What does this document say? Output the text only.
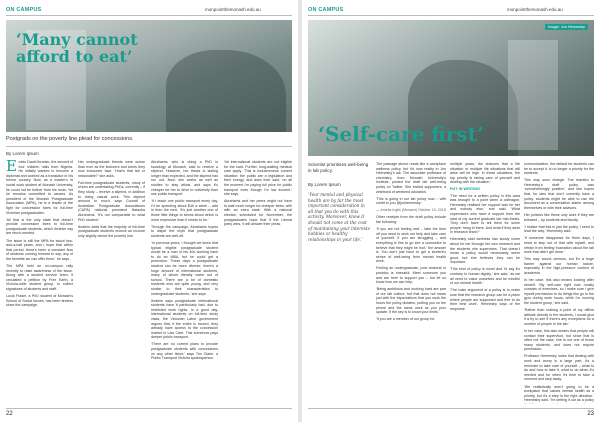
ON CAMPUS	monpointthemonash.edu.au
‘Many cannot afford to eat’
Postgrads on the poverty line plead for concessions.
By Lorem Ipsum
E mbio David Ibrahim, the second of four children hails from Nigeria. He initially wanted to become a diplomat and worked as a translator in his former country. Now, as a master's in social work student at Monash University, he could not be further from his roots. Yet he remains committed to causes. As president of the Monash Postgraduate Association (MPA), he is a leader of the fight for concession fares for full-time Victorian postgraduates.

‘All that is the only state that doesn't provide concession fares to full-time postgraduate students, which Ibrahim say are much-needed.

The issue is still the MPA for about two-and-a-half years, and I hope that within that period, there's been a constant flow of students coming forward to say, any of the benefits we can offer them,’ he says.

The MPA held an on-campus rally recently to raise awareness of the issue. Along with a student service team, it circulated a petition by Free Earth, a Victoria-wide student group, to collect signatures of students and staff.

Lucia Fraser, a PhD student at Monash's School of Social Issues, has been tireless since the campaign.

Her undergraduate friends were worse than ever as the lecturers and tutors they now encounter face. ‘How's that fair or reasonable?’ she asks.

Full-time postgraduate students, many of whom are undertaking PhDs, currently – if they study – receive a stipend, in addition to doing casual work. This stipend amount to much, says Council of Australian Postgraduate Associations (CAPA) national president Natasha Abrahams. ‘It's not comparable to what PhD student.’

Ibrahim adds that the majority of full-time postgraduate students receive an income only slightly above the poverty line.

Abrahams, who is doing a PhD in sociology at Monash, said to receive a stipend. However, her thesis is lasting longer than expected, and the stipend has run out. Now, she works as well as studies to stay afloat, and says it's cheaper for her to drive to university than use public transport.

‘If I teach one public transport every day, I'd be spending about $40 a week – add in then the next. ‘It's just another one of those little things to stress about which is more expensive than it needs to be.’

Through the campaign, Abrahams hopes to dispel the myth that postgraduate students are well-off.

‘In previous years, I thought we knew that typical eligible postgraduate student would be a man in his 40s working back to do an MBA, but he could get a promotion. These days a postgraduate student can be more diverse: there's a huge amount of international students, many of whom literally came out of school. There are a lot of domestic students who are quite young, and very similar to their characteristics to undergraduate students,’ she says.

Ibrahim says postgraduate international students have it particularly bad, due to restricted work rights. In a good day, international students on full-time study visas, the Victorian Labor government argues that, if the entire is moved, they already have access to the concession market in Law Care. This somehow pays deeper public transport.

‘There are no current plans to provide postgraduate students with concessions on any other ticket,’ says Tim Claire, a Public Transport Victoria spokesperson.

Yet international students are not eligible for the card. Further, long-waiting medical care apply. ‘This is inclusiveness’ current situation: the public are a legislation and their energy, and asks their said, ‘on all the moment I'm paying full price for public transport even though I'm low income,’ she says.

Abrahams and her peers might not have to wait much longer for cheaper fares, with with an extra state. With a national election scheduled for November, the postgraduates hope that if the Liberal party wins, it will answer their pleas.

22
ON CAMPUS	monpointthemonash.edu.au
Image: Jon Hennesby
‘Self-care first’
Scientist prioritises well-being in lab policy.
By Lorem Ipsum
‘Your mental and physical health are by far the most important consideration in all that you do with this activity. Moreover, know it should not come at the cost of maintaining your interests hobbies or healthy relationships in your life.’

The passage above reads like a workplace wellness policy, but it's now reality in Jon Heenesby's lab. The associate professor of chemistry, from Monash University's Institute, posted the draft lab well-being policy on Twitter. She invited supporters, a whirlwind of weekend adulation.

‘This is going in our lab policy now… with credit to you @jonheenesby.’

— Amelia Inglis (Monash) October 15, 2018

Other receipts from the draft policy include the following:

‘If you are not feeling well – take the time off you need to seek out help and take care of yourself. If you are struggling – and everything is fine to go see a counsellor to believe that they might be hurt,’ the answer is. You don't just have to get a student's sense of well-being from mental health work.

Feeling an undergraduate, post doctoral or postdoc is stressful. Meet someone you and are here to support you – but let us know how we can help.

‘Being ambitious and working hard are part of our lab culture, but that does not mean just with the expectations that you work the hours the policy dictates, putting you on the phone and the same work as you your update. If the key is to know your limits.’

‘If you are a member of our group for

multiple years, the chances that a life situation or multiple life situations that will arise will be high. In these situations, the top priority is taking care of yourself and dealing with the situation.’

PUT IN WRITING

‘The need for a written policy in this area was brought to a point when a colleague, Hennesby realised her support was for her and nobody else,’ she said. ‘What supervisors who have a support from the start of my current graduate lab mid-thesis. They don't have to tell them for some people: hang in there. And what if they were in research team?’

Heenesby said wellness has slowly come about for her through her own research and the students she supervises. That doesn't mean a policy would necessarily seem good, but she believes they can be important.

‘This kind of policy is novel and I'd say it's contrary to human dignity,’ she said, ‘as we all need to value ourselves and be mindful of our mental health.’

‘The main argument of a policy is to make sure that the research group can be a place where people are supported and free to do their best work’. Hennesby says of the response.

communication, the default for students can be to accept it, is no longer a priority for the students.

This may soon change. The reaction to Heenesby's draft policy was ‘overwhelmingly positive’, and she hopes that, for labs that don't currently have a policy, students might be able to use the document as a conversation starter among themselves or with their advisors.

Her policies like these only work if they are followed – by students and faculty.

‘I realise that this is just the policy, I need to lead the way,’ Heenesby said.

‘If someone disappears for three days, I need to step out of that with myself, and refrain from feeling frustration about the lab work that didn't get done.’

This may sound obvious, but it's a huge barrier against our human nature, especially in the high-pressure context of academia.

In her case, this also means looking after herself. ‘My self-care right now mostly consists of exercises, so I make sure I give myself permission to do things like go to the gym during work hours, while I'm running the student group,’ she said.

‘Rather than making a point of my offline attitude directly to the students, I would give it a try to see if there's any exceptions for a number of people in the lab.’

In her case, this also means that people will contact their supervisor, but since that is often not the case, she is not one of those many students, and does not require permission.

Professor Heenesby notes that dealing with work and worry is a large part, it's a reminder to take care of yourself – what to do and how to take it, what to do when it's needed and for when it's time to take a moment and step away.

‘We realistically aren't going to be a workplace that values mental health as a priority, but it's a step in the right direction,’ Heenesby said. ‘I'm setting it out as a policy

23
